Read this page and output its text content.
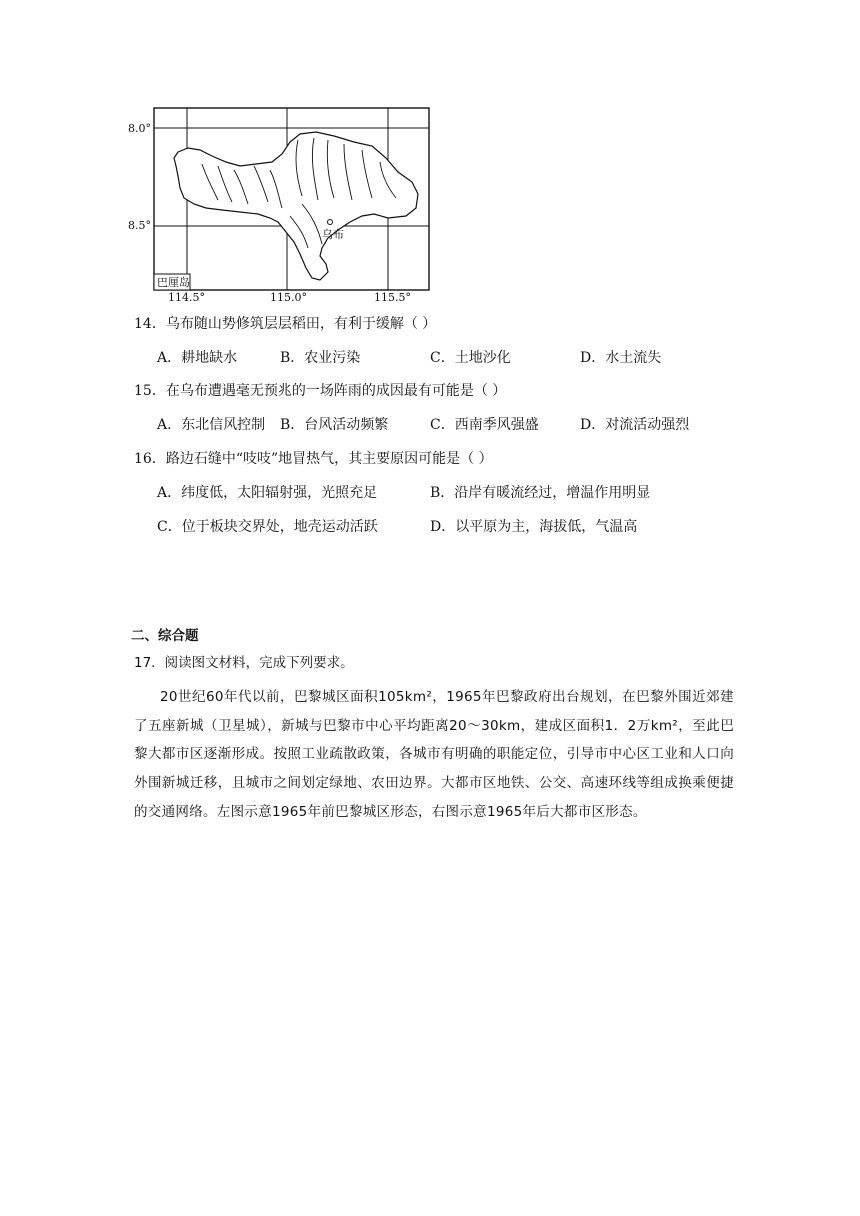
8.0°
8.5°
114.5°	115.0°	115.5°
乌布
巴厘岛
14．乌布随山势修筑层层稻田，有利于缓解（ ）
A．耕地缺水	B．农业污染	C．土地沙化	D．水土流失
15．在乌布遭遇毫无预兆的一场阵雨的成因最有可能是（ ）
A．东北信风控制 B．台风活动频繁	C．西南季风强盛	D．对流活动强烈
16．路边石缝中“吱吱”地冒热气，其主要原因可能是（ ）
A．纬度低，太阳辐射强，光照充足	B．沿岸有暖流经过，增温作用明显
C．位于板块交界处，地壳运动活跃	D．以平原为主，海拔低，气温高
二、综合题
17．阅读图文材料，完成下列要求。

20世纪60年代以前，巴黎城区面积105km²，1965年巴黎政府出台规划，在巴黎外围近郊建了五座新城（卫星城），新城与巴黎市中心平均距离20～30km，建成区面积1．2万km²，至此巴黎大都市区逐渐形成。按照工业疏散政策，各城市有明确的职能定位，引导市中心区工业和人口向外围新城迁移，且城市之间划定绿地、农田边界。大都市区地铁、公交、高速环线等组成换乘便捷的交通网络。左图示意1965年前巴黎城区形态，右图示意1965年后大都市区形态。
